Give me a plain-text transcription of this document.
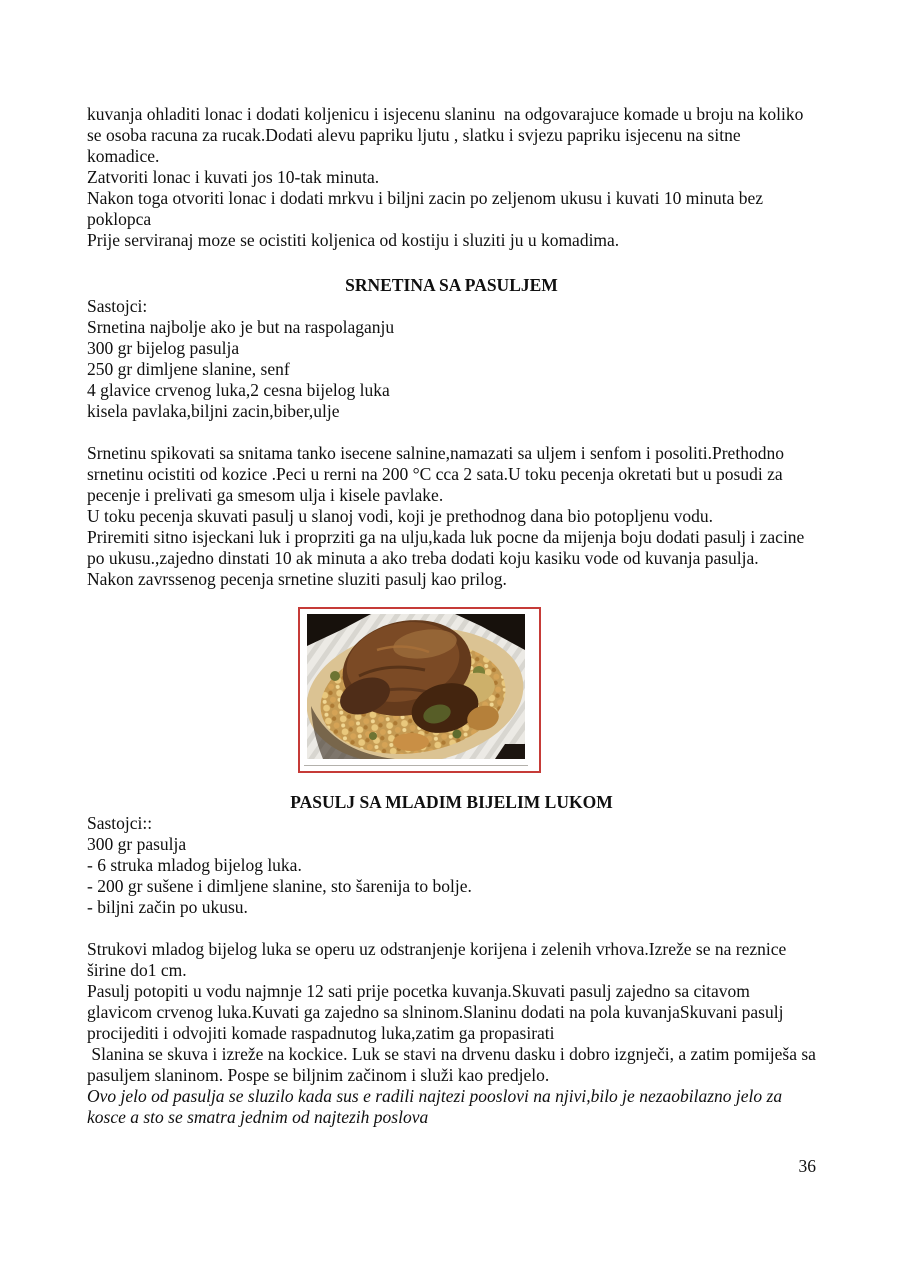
kuvanja ohladiti lonac i dodati koljenicu i isjecenu slaninu  na odgovarajuce komade u broju na koliko se osoba racuna za rucak.Dodati alevu papriku ljutu , slatku i svjezu papriku isjecenu na sitne komadice.

Zatvoriti lonac i kuvati jos 10-tak minuta.

Nakon toga otvoriti lonac i dodati mrkvu i biljni zacin po zeljenom ukusu i kuvati 10 minuta bez poklopca

Prije serviranaj moze se ocistiti koljenica od kostiju i sluziti ju u komadima.

SRNETINA SA PASULJEM

Sastojci:

Srnetina najbolje ako je but na raspolaganju

300 gr bijelog pasulja

250 gr dimljene slanine, senf

4 glavice crvenog luka,2 cesna bijelog luka

kisela pavlaka,biljni zacin,biber,ulje

Srnetinu spikovati sa snitama tanko isecene salnine,namazati sa uljem i senfom i posoliti.Prethodno srnetinu ocistiti od kozice .Peci u rerni na 200 °C cca 2 sata.U toku pecenja okretati but u posudi za pecenje i prelivati ga smesom ulja i kisele pavlake.

U toku pecenja skuvati pasulj u slanoj vodi, koji je prethodnog dana bio potopljenu vodu.

Priremiti sitno isjeckani luk i proprziti ga na ulju,kada luk pocne da mijenja boju dodati pasulj i zacine po ukusu.,zajedno dinstati 10 ak minuta a ako treba dodati koju kasiku vode od kuvanja pasulja.

Nakon zavrssenog pecenja srnetine sluziti pasulj kao prilog.

PASULJ SA MLADIM BIJELIM LUKOM

Sastojci::

300 gr pasulja

- 6 struka mladog bijelog luka.

- 200 gr sušene i dimljene slanine, sto šarenija to bolje.

- biljni začin po ukusu.

Strukovi mladog bijelog luka se operu uz odstranjenje korijena i zelenih vrhova.Izreže se na reznice širine do1 cm.

Pasulj potopiti u vodu najmnje 12 sati prije pocetka kuvanja.Skuvati pasulj zajedno sa citavom glavicom crvenog luka.Kuvati ga zajedno sa slninom.Slaninu dodati na pola kuvanjaSkuvani pasulj procijediti i odvojiti komade raspadnutog luka,zatim ga propasirati

Slanina se skuva i izreže na kockice. Luk se stavi na drvenu dasku i dobro izgnječi, a zatim pomiješa sa pasuljem slaninom. Pospe se biljnim začinom i služi kao predjelo.

Ovo jelo od pasulja se sluzilo kada sus e radili najtezi pooslovi na njivi,bilo je nezaobilazno jelo za kosce a sto se smatra jednim od najtezih poslova

36
